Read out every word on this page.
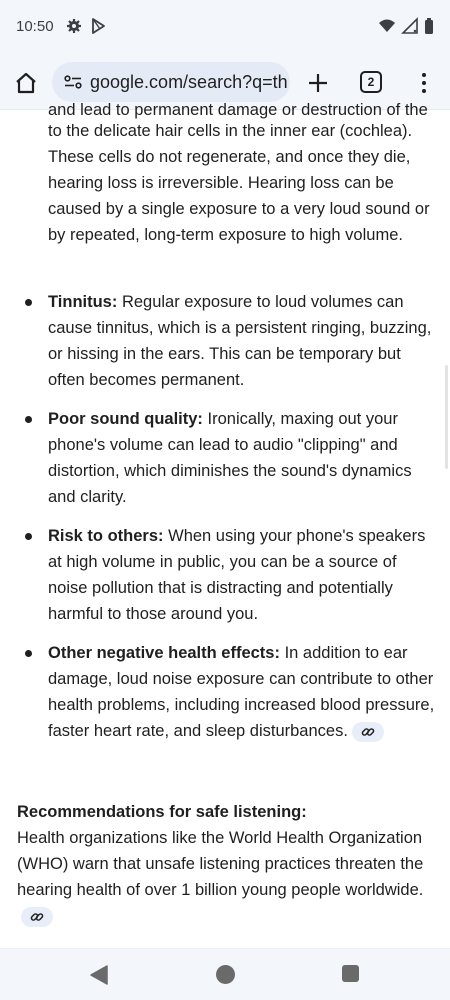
10:50
google.com/search?q=th	2
and lead to permanent damage or destruction of the
to the delicate hair cells in the inner ear (cochlea). These cells do not regenerate, and once they die, hearing loss is irreversible. Hearing loss can be caused by a single exposure to a very loud sound or by repeated, long-term exposure to high volume.
Tinnitus: Regular exposure to loud volumes can cause tinnitus, which is a persistent ringing, buzzing, or hissing in the ears. This can be temporary but often becomes permanent.
Poor sound quality: Ironically, maxing out your phone's volume can lead to audio "clipping" and distortion, which diminishes the sound's dynamics and clarity.
Risk to others: When using your phone's speakers at high volume in public, you can be a source of noise pollution that is distracting and potentially harmful to those around you.
Other negative health effects: In addition to ear damage, loud noise exposure can contribute to other health problems, including increased blood pressure, faster heart rate, and sleep disturbances.
Recommendations for safe listening:
Health organizations like the World Health Organization (WHO) warn that unsafe listening practices threaten the hearing health of over 1 billion young people worldwide.
